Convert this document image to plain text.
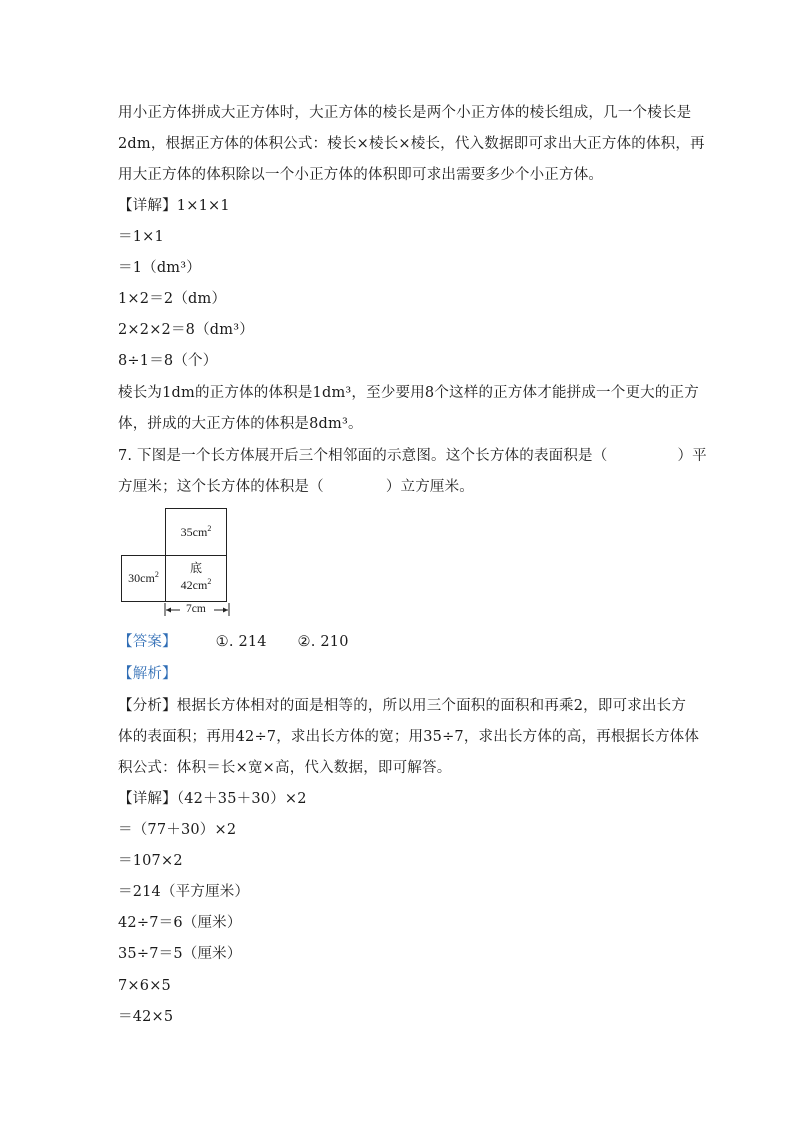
用小正方体拼成大正方体时，大正方体的棱长是两个小正方体的棱长组成，几一个棱长是
2dm，根据正方体的体积公式：棱长×棱长×棱长，代入数据即可求出大正方体的体积，再
用大正方体的体积除以一个小正方体的体积即可求出需要多少个小正方体。
【详解】1×1×1
＝1×1
＝1（dm³）
1×2＝2（dm）
2×2×2＝8（dm³）
8÷1＝8（个）
棱长为1dm的正方体的体积是1dm³，至少要用8个这样的正方体才能拼成一个更大的正方
体，拼成的大正方体的体积是8dm³。
7. 下图是一个长方体展开后三个相邻面的示意图。这个长方体的表面积是（	）平
方厘米；这个长方体的体积是（	）立方厘米。
$35cm^2$
$30cm^2$	底
$42cm^2$
7cm
【答案】	①. 214 ②. 210
【解析】
【分析】根据长方体相对的面是相等的，所以用三个面积的面积和再乘2，即可求出长方
体的表面积；再用42÷7，求出长方体的宽；用35÷7，求出长方体的高，再根据长方体体
积公式：体积＝长×宽×高，代入数据，即可解答。
【详解】（42＋35＋30）×2
＝（77＋30）×2
＝107×2
＝214（平方厘米）
42÷7＝6（厘米）
35÷7＝5（厘米）
7×6×5
＝42×5
